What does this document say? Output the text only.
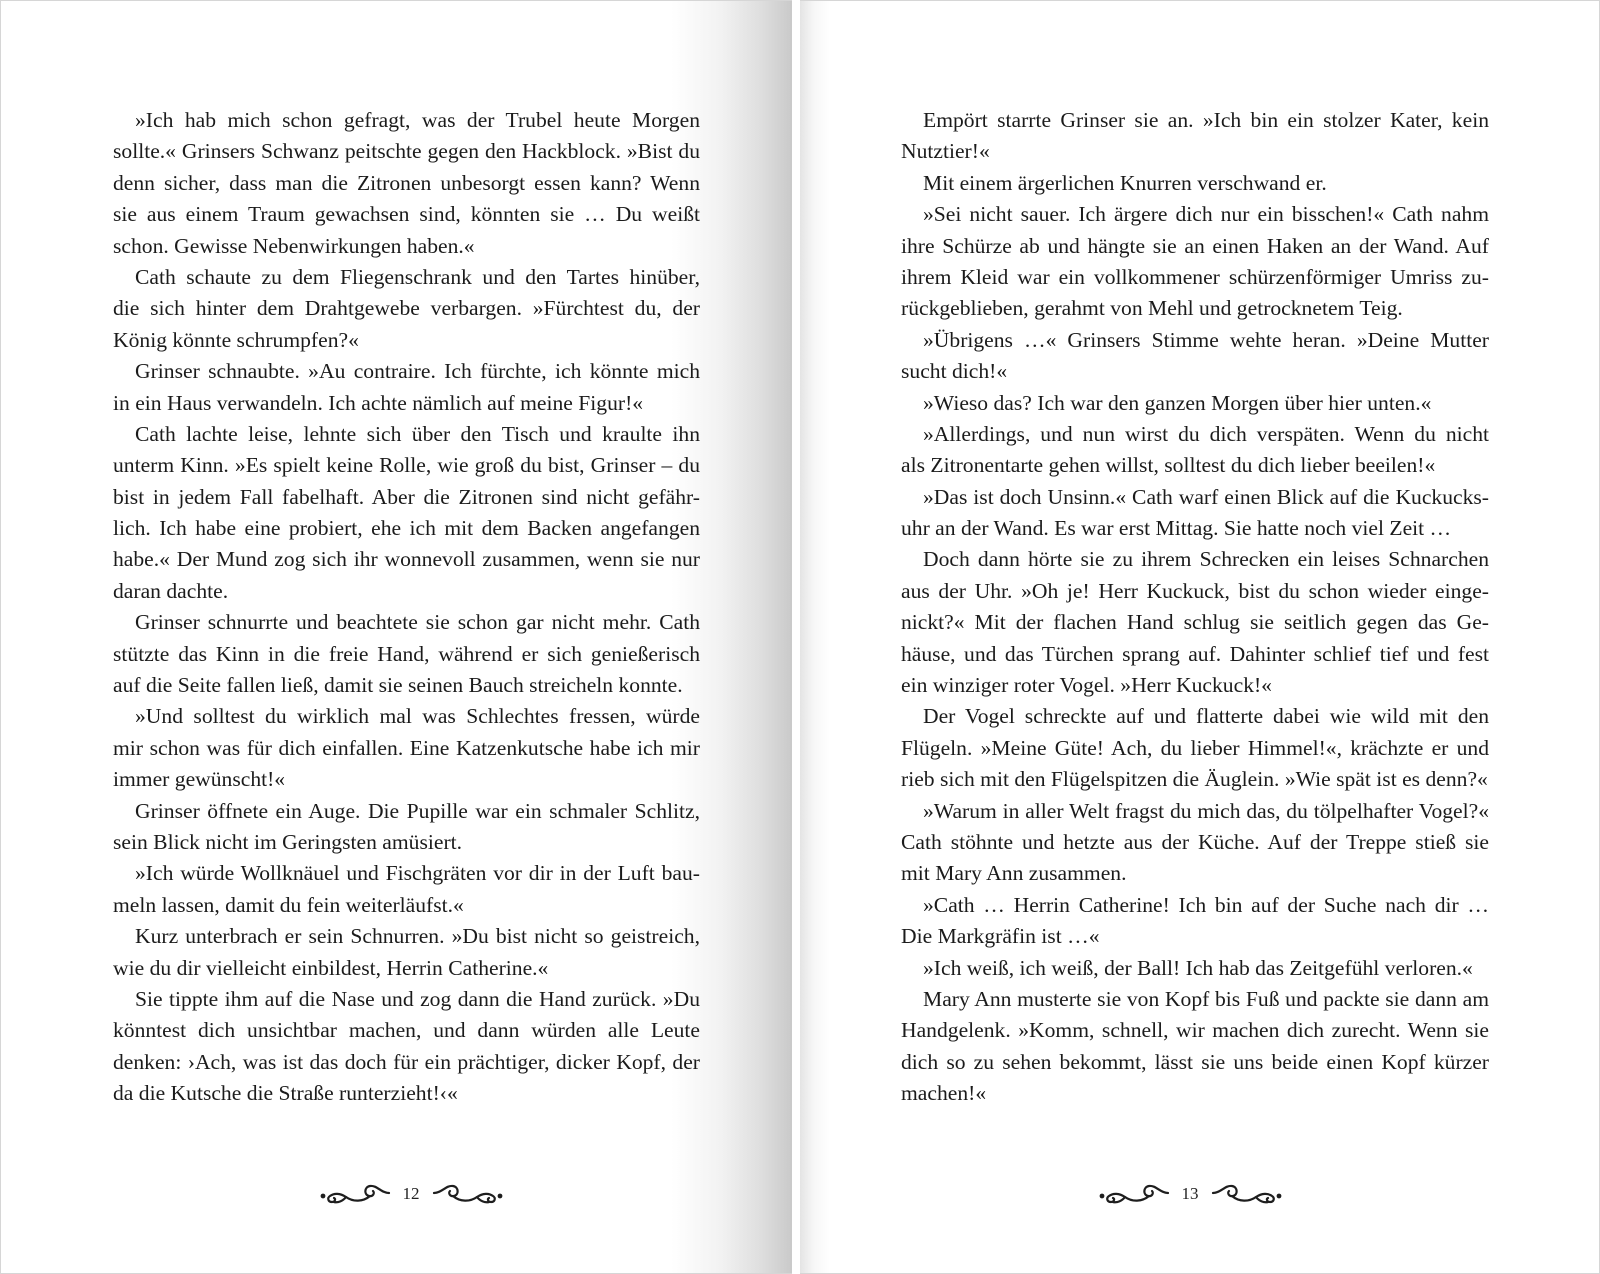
»Ich hab mich schon gefragt, was der Trubel heute Morgen
sollte.« Grinsers Schwanz peitschte gegen den Hackblock. »Bist du
denn sicher, dass man die Zitronen unbesorgt essen kann? Wenn
sie aus einem Traum gewachsen sind, könnten sie … Du weißt
schon. Gewisse Nebenwirkungen haben.«
Cath schaute zu dem Fliegenschrank und den Tartes hinüber,
die sich hinter dem Drahtgewebe verbargen. »Fürchtest du, der
König könnte schrumpfen?«
Grinser schnaubte. »Au contraire. Ich fürchte, ich könnte mich
in ein Haus verwandeln. Ich achte nämlich auf meine Figur!«
Cath lachte leise, lehnte sich über den Tisch und kraulte ihn
unterm Kinn. »Es spielt keine Rolle, wie groß du bist, Grinser – du
bist in jedem Fall fabelhaft. Aber die Zitronen sind nicht gefähr-
lich. Ich habe eine probiert, ehe ich mit dem Backen angefangen
habe.« Der Mund zog sich ihr wonnevoll zusammen, wenn sie nur
daran dachte.
Grinser schnurrte und beachtete sie schon gar nicht mehr. Cath
stützte das Kinn in die freie Hand, während er sich genießerisch
auf die Seite fallen ließ, damit sie seinen Bauch streicheln konnte.
»Und solltest du wirklich mal was Schlechtes fressen, würde
mir schon was für dich einfallen. Eine Katzenkutsche habe ich mir
immer gewünscht!«
Grinser öffnete ein Auge. Die Pupille war ein schmaler Schlitz,
sein Blick nicht im Geringsten amüsiert.
»Ich würde Wollknäuel und Fischgräten vor dir in der Luft bau-
meln lassen, damit du fein weiterläufst.«
Kurz unterbrach er sein Schnurren. »Du bist nicht so geistreich,
wie du dir vielleicht einbildest, Herrin Catherine.«
Sie tippte ihm auf die Nase und zog dann die Hand zurück. »Du
könntest dich unsichtbar machen, und dann würden alle Leute
denken: ›Ach, was ist das doch für ein prächtiger, dicker Kopf, der
da die Kutsche die Straße runterzieht!‹«
12
Empört starrte Grinser sie an. »Ich bin ein stolzer Kater, kein
Nutztier!«
Mit einem ärgerlichen Knurren verschwand er.
»Sei nicht sauer. Ich ärgere dich nur ein bisschen!« Cath nahm
ihre Schürze ab und hängte sie an einen Haken an der Wand. Auf
ihrem Kleid war ein vollkommener schürzenförmiger Umriss zu-
rückgeblieben, gerahmt von Mehl und getrocknetem Teig.
»Übrigens …« Grinsers Stimme wehte heran. »Deine Mutter
sucht dich!«
»Wieso das? Ich war den ganzen Morgen über hier unten.«
»Allerdings, und nun wirst du dich verspäten. Wenn du nicht
als Zitronentarte gehen willst, solltest du dich lieber beeilen!«
»Das ist doch Unsinn.« Cath warf einen Blick auf die Kuckucks-
uhr an der Wand. Es war erst Mittag. Sie hatte noch viel Zeit …
Doch dann hörte sie zu ihrem Schrecken ein leises Schnarchen
aus der Uhr. »Oh je! Herr Kuckuck, bist du schon wieder einge-
nickt?« Mit der flachen Hand schlug sie seitlich gegen das Ge-
häuse, und das Türchen sprang auf. Dahinter schlief tief und fest
ein winziger roter Vogel. »Herr Kuckuck!«
Der Vogel schreckte auf und flatterte dabei wie wild mit den
Flügeln. »Meine Güte! Ach, du lieber Himmel!«, krächzte er und
rieb sich mit den Flügelspitzen die Äuglein. »Wie spät ist es denn?«
»Warum in aller Welt fragst du mich das, du tölpelhafter Vogel?«
Cath stöhnte und hetzte aus der Küche. Auf der Treppe stieß sie
mit Mary Ann zusammen.
»Cath … Herrin Catherine! Ich bin auf der Suche nach dir …
Die Markgräfin ist …«
»Ich weiß, ich weiß, der Ball! Ich hab das Zeitgefühl verloren.«
Mary Ann musterte sie von Kopf bis Fuß und packte sie dann am
Handgelenk. »Komm, schnell, wir machen dich zurecht. Wenn sie
dich so zu sehen bekommt, lässt sie uns beide einen Kopf kürzer
machen!«
13
